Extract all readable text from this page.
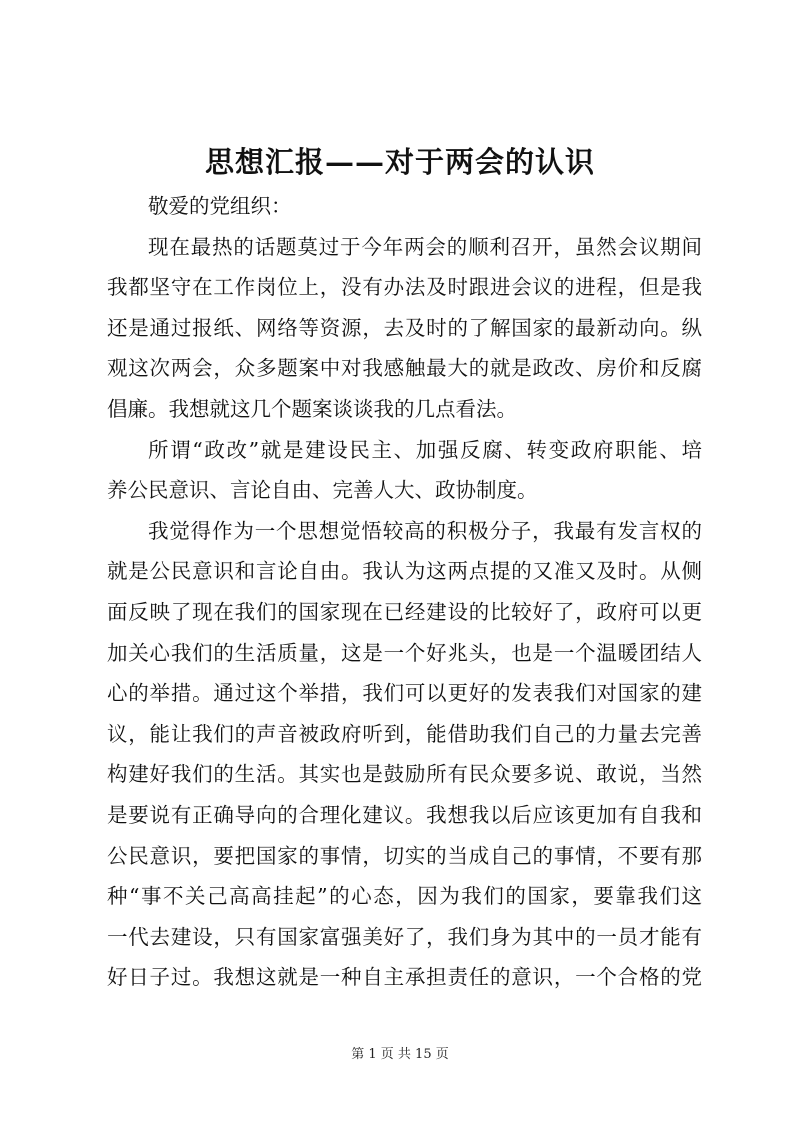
思想汇报——对于两会的认识
敬爱的党组织：
现在最热的话题莫过于今年两会的顺利召开，虽然会议期间
我都坚守在工作岗位上，没有办法及时跟进会议的进程，但是我
还是通过报纸、网络等资源，去及时的了解国家的最新动向。纵
观这次两会，众多题案中对我感触最大的就是政改、房价和反腐
倡廉。我想就这几个题案谈谈我的几点看法。
所谓“政改”就是建设民主、加强反腐、转变政府职能、培
养公民意识、言论自由、完善人大、政协制度。
我觉得作为一个思想觉悟较高的积极分子，我最有发言权的
就是公民意识和言论自由。我认为这两点提的又准又及时。从侧
面反映了现在我们的国家现在已经建设的比较好了，政府可以更
加关心我们的生活质量，这是一个好兆头，也是一个温暖团结人
心的举措。通过这个举措，我们可以更好的发表我们对国家的建
议，能让我们的声音被政府听到，能借助我们自己的力量去完善
构建好我们的生活。其实也是鼓励所有民众要多说、敢说，当然
是要说有正确导向的合理化建议。我想我以后应该更加有自我和
公民意识，要把国家的事情，切实的当成自己的事情，不要有那
种“事不关己高高挂起”的心态，因为我们的国家，要靠我们这
一代去建设，只有国家富强美好了，我们身为其中的一员才能有
好日子过。我想这就是一种自主承担责任的意识，一个合格的党
第 1 页 共 15 页
